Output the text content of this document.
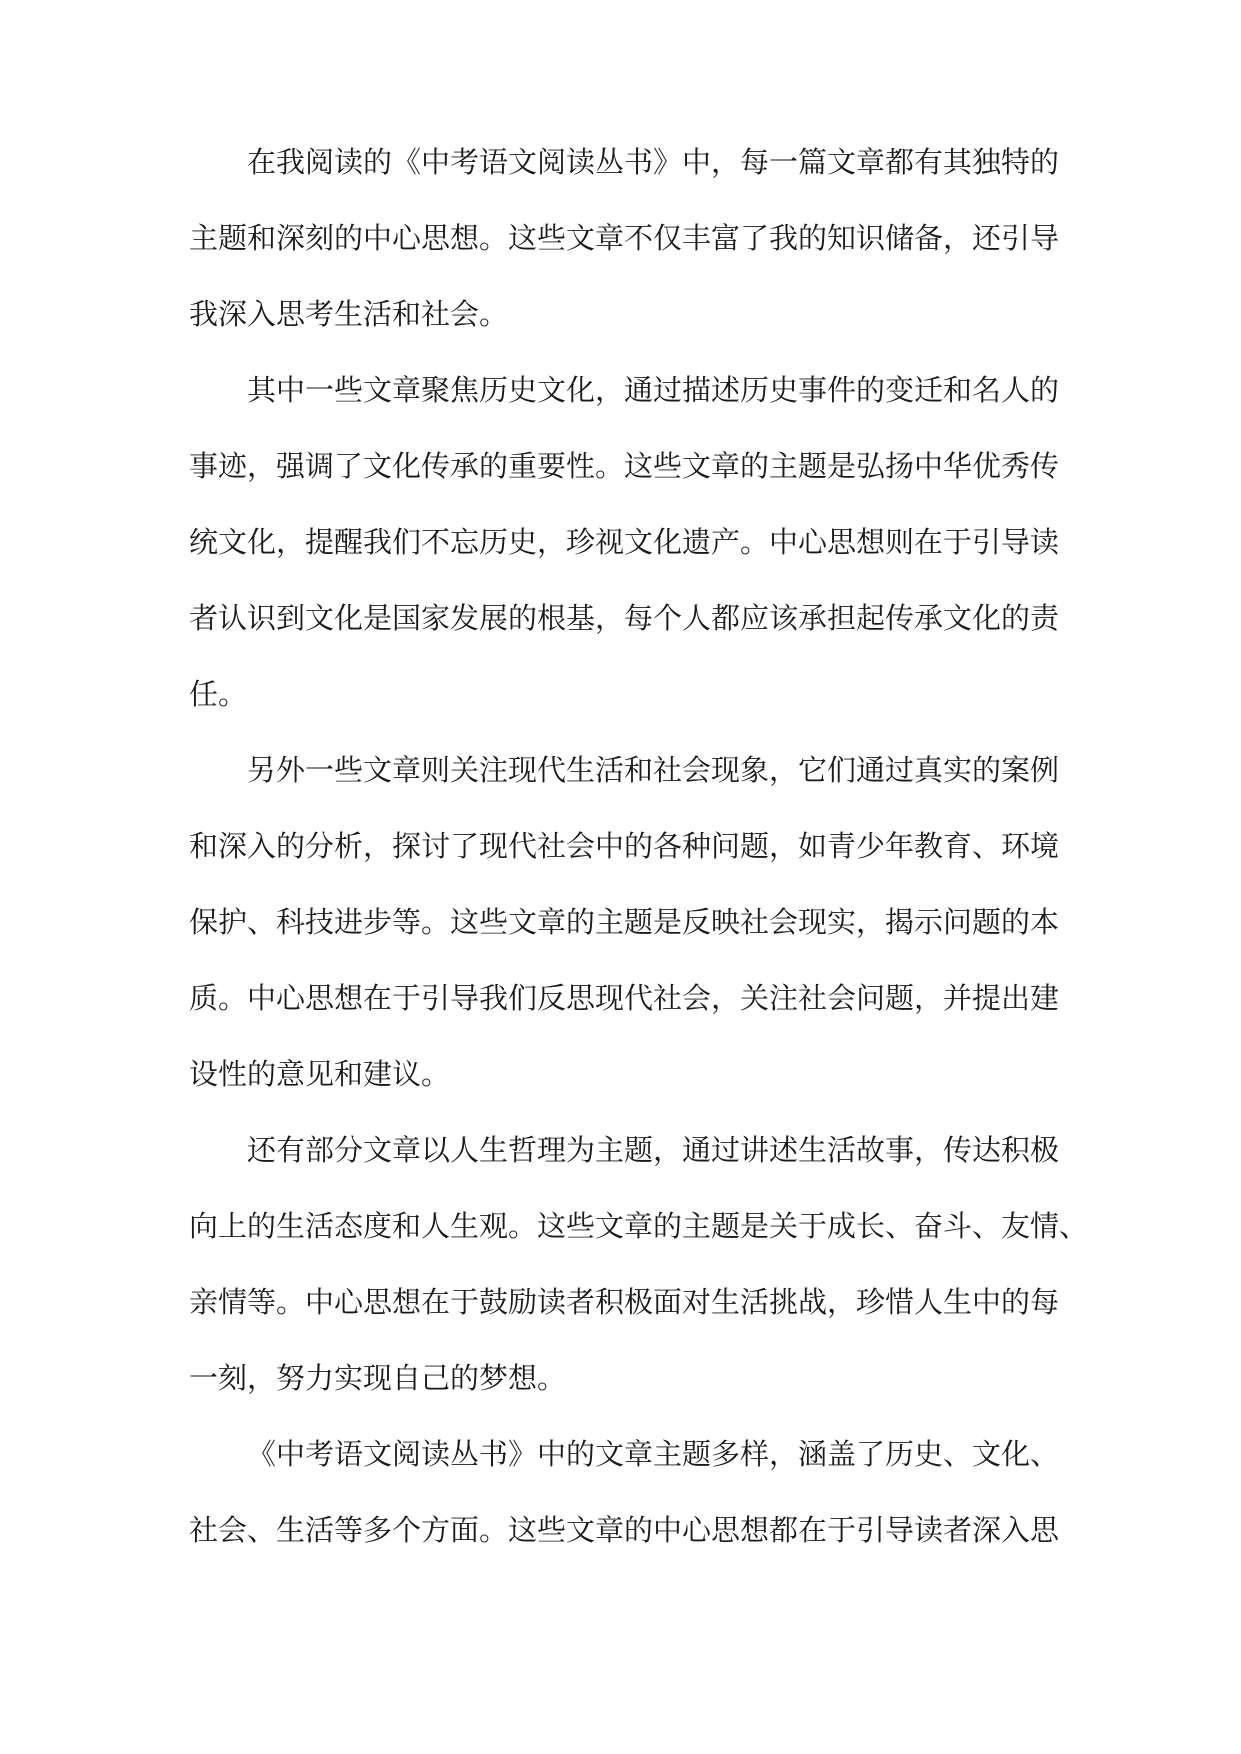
在我阅读的《中考语文阅读丛书》中，每一篇文章都有其独特的
主题和深刻的中心思想。这些文章不仅丰富了我的知识储备，还引导
我深入思考生活和社会。
其中一些文章聚焦历史文化，通过描述历史事件的变迁和名人的
事迹，强调了文化传承的重要性。这些文章的主题是弘扬中华优秀传
统文化，提醒我们不忘历史，珍视文化遗产。中心思想则在于引导读
者认识到文化是国家发展的根基，每个人都应该承担起传承文化的责
任。
另外一些文章则关注现代生活和社会现象，它们通过真实的案例
和深入的分析，探讨了现代社会中的各种问题，如青少年教育、环境
保护、科技进步等。这些文章的主题是反映社会现实，揭示问题的本
质。中心思想在于引导我们反思现代社会，关注社会问题，并提出建
设性的意见和建议。
还有部分文章以人生哲理为主题，通过讲述生活故事，传达积极
向上的生活态度和人生观。这些文章的主题是关于成长、奋斗、友情、
亲情等。中心思想在于鼓励读者积极面对生活挑战，珍惜人生中的每
一刻，努力实现自己的梦想。
《中考语文阅读丛书》中的文章主题多样，涵盖了历史、文化、
社会、生活等多个方面。这些文章的中心思想都在于引导读者深入思
